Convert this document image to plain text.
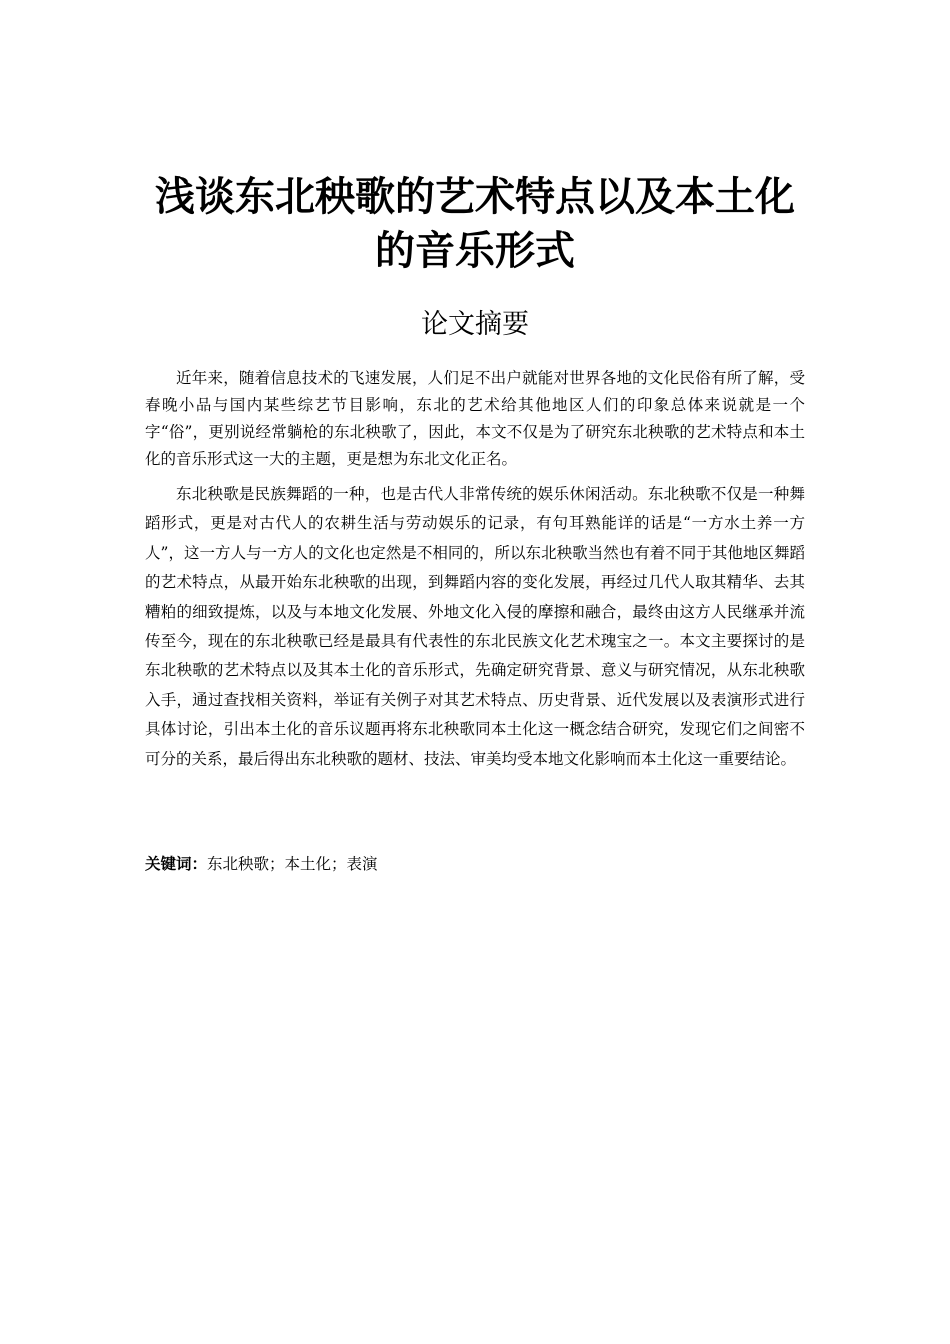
浅谈东北秧歌的艺术特点以及本土化
的音乐形式
论文摘要

近年来，随着信息技术的飞速发展，人们足不出户就能对世界各地的文化民俗有所了解，受春晚小品与国内某些综艺节目影响，东北的艺术给其他地区人们的印象总体来说就是一个字“俗”，更别说经常躺枪的东北秧歌了，因此，本文不仅是为了研究东北秧歌的艺术特点和本土化的音乐形式这一大的主题，更是想为东北文化正名。

东北秧歌是民族舞蹈的一种，也是古代人非常传统的娱乐休闲活动。东北秧歌不仅是一种舞蹈形式，更是对古代人的农耕生活与劳动娱乐的记录，有句耳熟能详的话是“一方水土养一方人”，这一方人与一方人的文化也定然是不相同的，所以东北秧歌当然也有着不同于其他地区舞蹈的艺术特点，从最开始东北秧歌的出现，到舞蹈内容的变化发展，再经过几代人取其精华、去其糟粕的细致提炼，以及与本地文化发展、外地文化入侵的摩擦和融合，最终由这方人民继承并流传至今，现在的东北秧歌已经是最具有代表性的东北民族文化艺术瑰宝之一。本文主要探讨的是东北秧歌的艺术特点以及其本土化的音乐形式，先确定研究背景、意义与研究情况，从东北秧歌入手，通过查找相关资料，举证有关例子对其艺术特点、历史背景、近代发展以及表演形式进行具体讨论，引出本土化的音乐议题再将东北秧歌同本土化这一概念结合研究，发现它们之间密不可分的关系，最后得出东北秧歌的题材、技法、审美均受本地文化影响而本土化这一重要结论。

关键词：东北秧歌；本土化；表演
